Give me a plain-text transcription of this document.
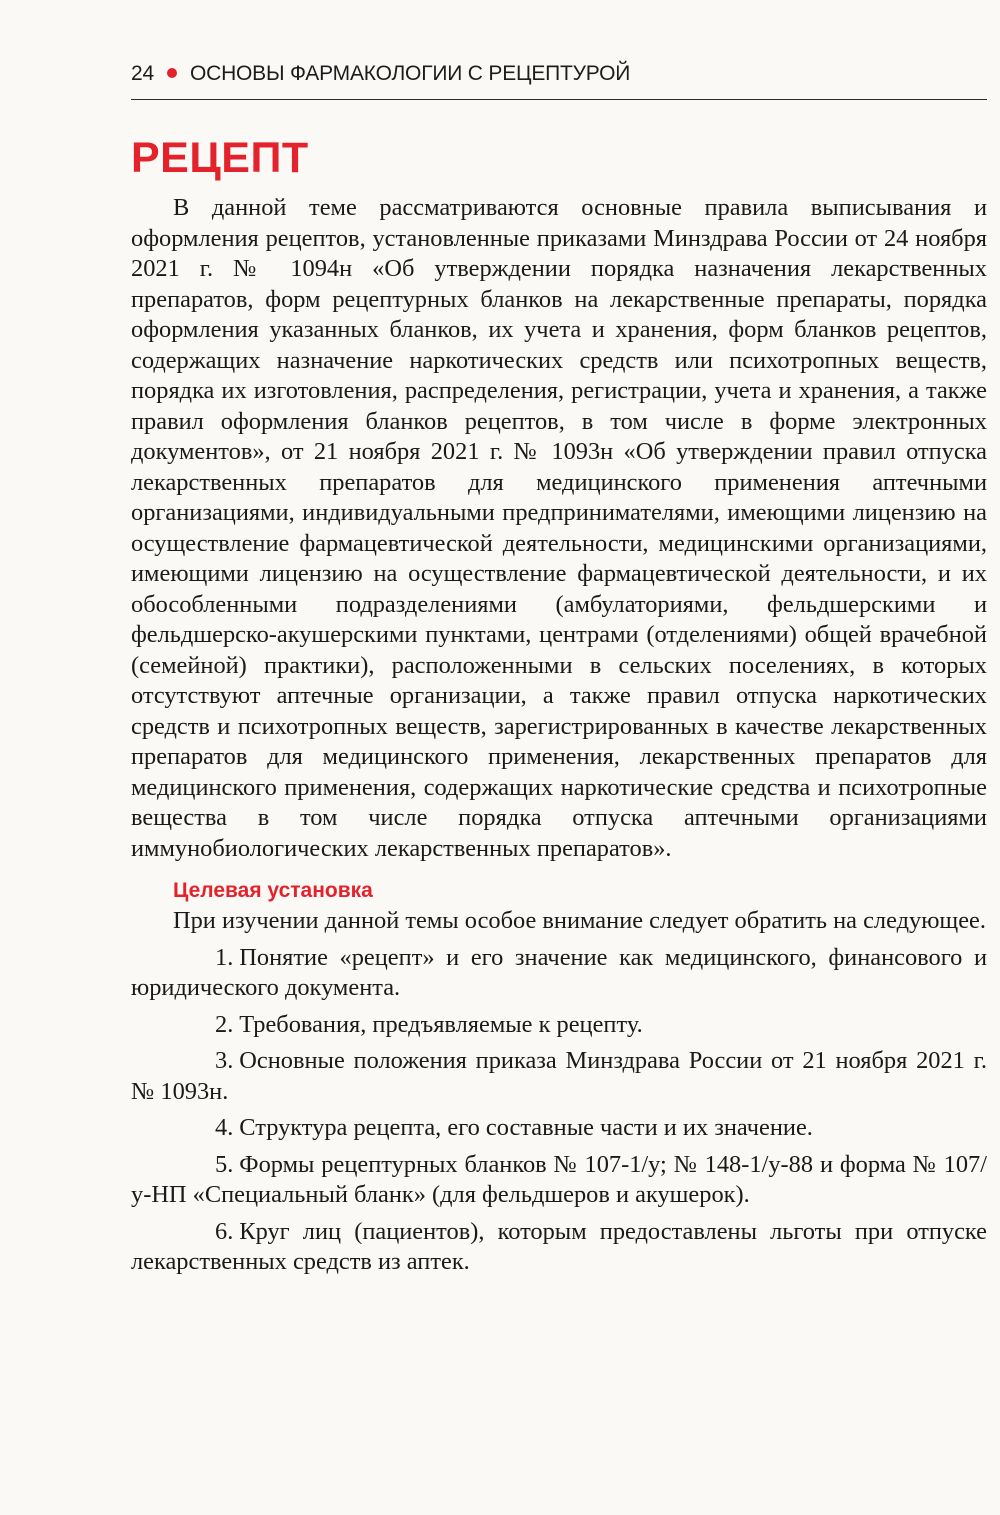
24 ОСНОВЫ ФАРМАКОЛОГИИ С РЕЦЕПТУРОЙ
РЕЦЕПТ

В данной теме рассматриваются основные правила выписывания и оформления рецептов, установленные приказами Минздрава России от 24 ноября 2021 г. № 1094н «Об утверждении порядка назначения лекарственных препаратов, форм рецептурных бланков на лекарственные препараты, порядка оформления указанных бланков, их учета и хранения, форм бланков рецептов, содержащих назначение наркотических средств или психотропных веществ, порядка их изготовления, распределения, регистрации, учета и хранения, а также правил оформления бланков рецептов, в том числе в форме электронных документов», от 21 ноября 2021 г. № 1093н «Об утверждении правил отпуска лекарственных препаратов для медицинского применения аптечными организациями, индивидуальными предпринимателями, имеющими лицензию на осуществление фармацевтической деятельности, медицинскими организациями, имеющими лицензию на осуществление фармацевтической деятельности, и их обособленными подразделениями (амбулаториями, фельдшерскими и фельдшерско-акушерскими пунктами, центрами (отделениями) общей врачебной (семейной) практики), расположенными в сельских поселениях, в которых отсутствуют аптечные организации, а также правил отпуска наркотических средств и психотропных веществ, зарегистрированных в качестве лекарственных препаратов для медицинского применения, лекарственных препаратов для медицинского применения, содержащих наркотические средства и психотропные вещества в том числе порядка отпуска аптечными организациями иммунобиологических лекарственных препаратов».

Целевая установка

При изучении данной темы особое внимание следует обратить на следующее.

1. Понятие «рецепт» и его значение как медицинского, финансового и юридического документа.

2. Требования, предъявляемые к рецепту.

3. Основные положения приказа Минздрава России от 21 ноября 2021 г. № 1093н.

4. Структура рецепта, его составные части и их значение.

5. Формы рецептурных бланков № 107-1/у; № 148-1/у-88 и форма № 107/у-НП «Специальный бланк» (для фельдшеров и акушерок).

6. Круг лиц (пациентов), которым предоставлены льготы при отпуске лекарственных средств из аптек.
